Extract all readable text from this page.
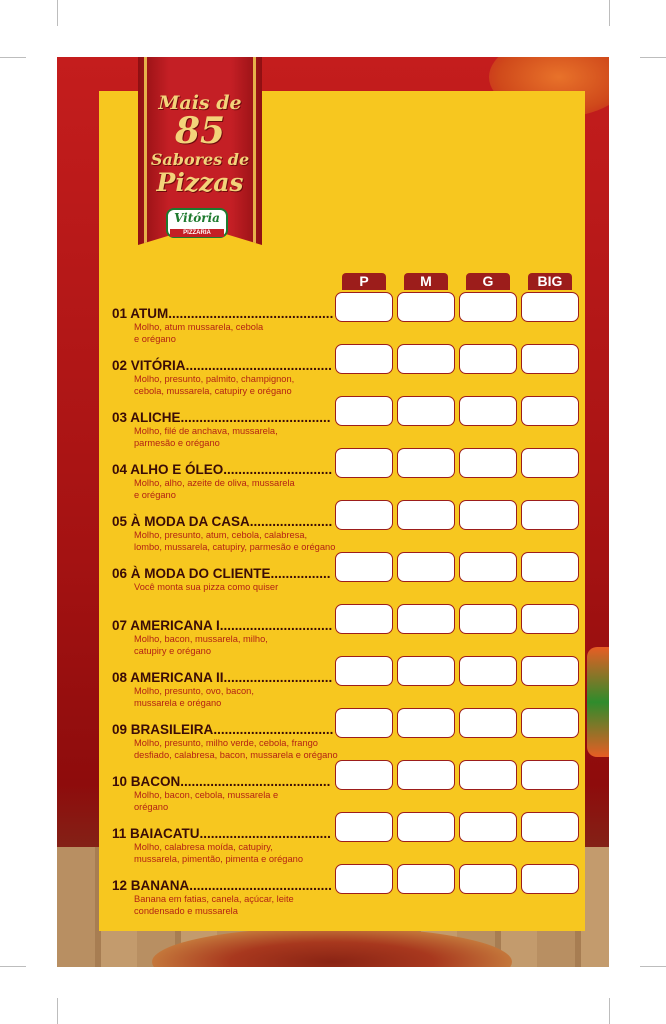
Mais de
85
Sabores de
Pizzas
Vitória
PIZZARIA
P	M	G	BIG
01 ATUM............................................
Molho, atum mussarela, cebola
e orégano
02 VITÓRIA.......................................
Molho, presunto, palmito, champignon,
cebola, mussarela, catupiry e orégano
03 ALICHE........................................
Molho, filé de anchava, mussarela,
parmesão e orégano
04 ALHO E ÓLEO.............................
Molho, alho, azeite de oliva, mussarela
e orégano
05 À MODA DA CASA......................
Molho, presunto, atum, cebola, calabresa,
lombo, mussarela, catupiry, parmesão e orégano
06 À MODA DO CLIENTE................
Você monta sua pizza como quiser
07 AMERICANA I..............................
Molho, bacon, mussarela, milho,
catupiry e orégano
08 AMERICANA II.............................
Molho, presunto, ovo, bacon,
mussarela e orégano
09 BRASILEIRA................................
Molho, presunto, milho verde, cebola, frango
desfiado, calabresa, bacon, mussarela e orégano
10 BACON........................................
Molho, bacon, cebola, mussarela e
orégano
11 BAIACATU...................................
Molho, calabresa moída, catupiry,
mussarela, pimentão, pimenta e orégano
12 BANANA......................................
Banana em fatias, canela, açúcar, leite
condensado e mussarela
